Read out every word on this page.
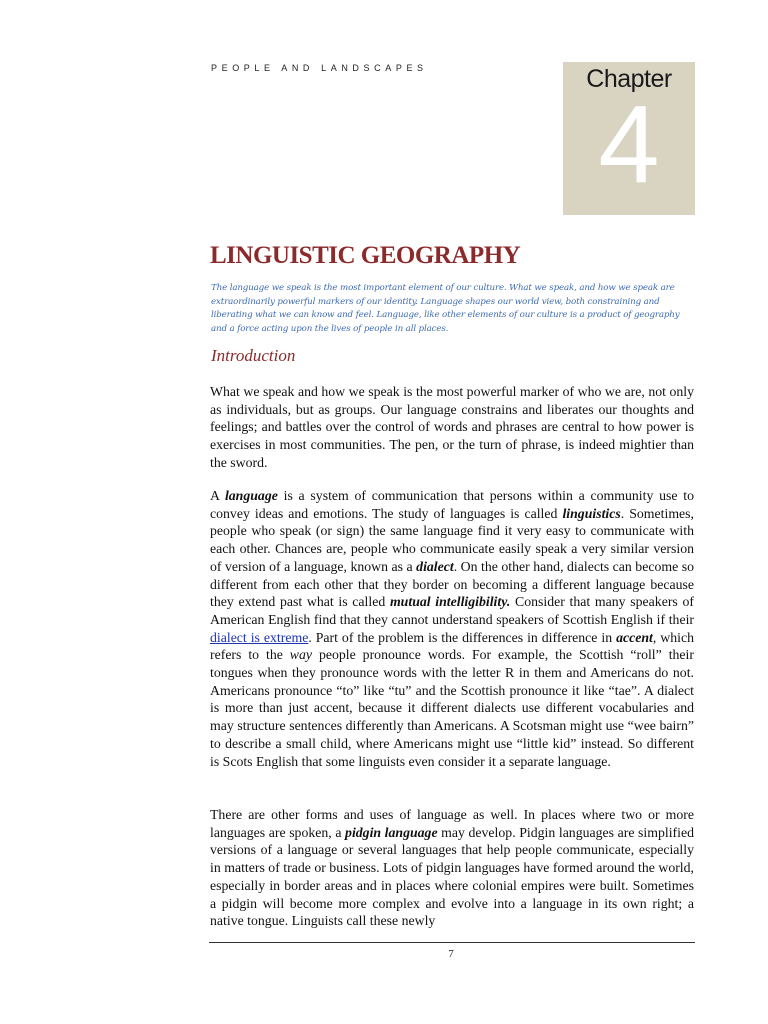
PEOPLE AND LANDSCAPES	Chapter
4
LINGUISTIC GEOGRAPHY

The language we speak is the most important element of our culture. What we speak, and how we speak are extraordinarily powerful markers of our identity. Language shapes our world view, both constraining and liberating what we can know and feel. Language, like other elements of our culture is a product of geography and a force acting upon the lives of people in all places.

Introduction

What we speak and how we speak is the most powerful marker of who we are, not only as individuals, but as groups. Our language constrains and liberates our thoughts and feelings; and battles over the control of words and phrases are central to how power is exercises in most communities. The pen, or the turn of phrase, is indeed mightier than the sword.

A language is a system of communication that persons within a community use to convey ideas and emotions. The study of languages is called linguistics. Sometimes, people who speak (or sign) the same language find it very easy to communicate with each other. Chances are, people who communicate easily speak a very similar version of version of a language, known as a dialect. On the other hand, dialects can become so different from each other that they border on becoming a different language because they extend past what is called mutual intelligibility. Consider that many speakers of American English find that they cannot understand speakers of Scottish English if their dialect is extreme. Part of the problem is the differences in difference in accent, which refers to the way people pronounce words. For example, the Scottish “roll” their tongues when they pronounce words with the letter R in them and Americans do not. Americans pronounce “to” like “tu” and the Scottish pronounce it like “tae”. A dialect is more than just accent, because it different dialects use different vocabularies and may structure sentences differently than Americans. A Scotsman might use “wee bairn” to describe a small child, where Americans might use “little kid” instead. So different is Scots English that some linguists even consider it a separate language.

There are other forms and uses of language as well. In places where two or more languages are spoken, a pidgin language may develop. Pidgin languages are simplified versions of a language or several languages that help people communicate, especially in matters of trade or business. Lots of pidgin languages have formed around the world, especially in border areas and in places where colonial empires were built. Sometimes a pidgin will become more complex and evolve into a language in its own right; a native tongue. Linguists call these newly

7
